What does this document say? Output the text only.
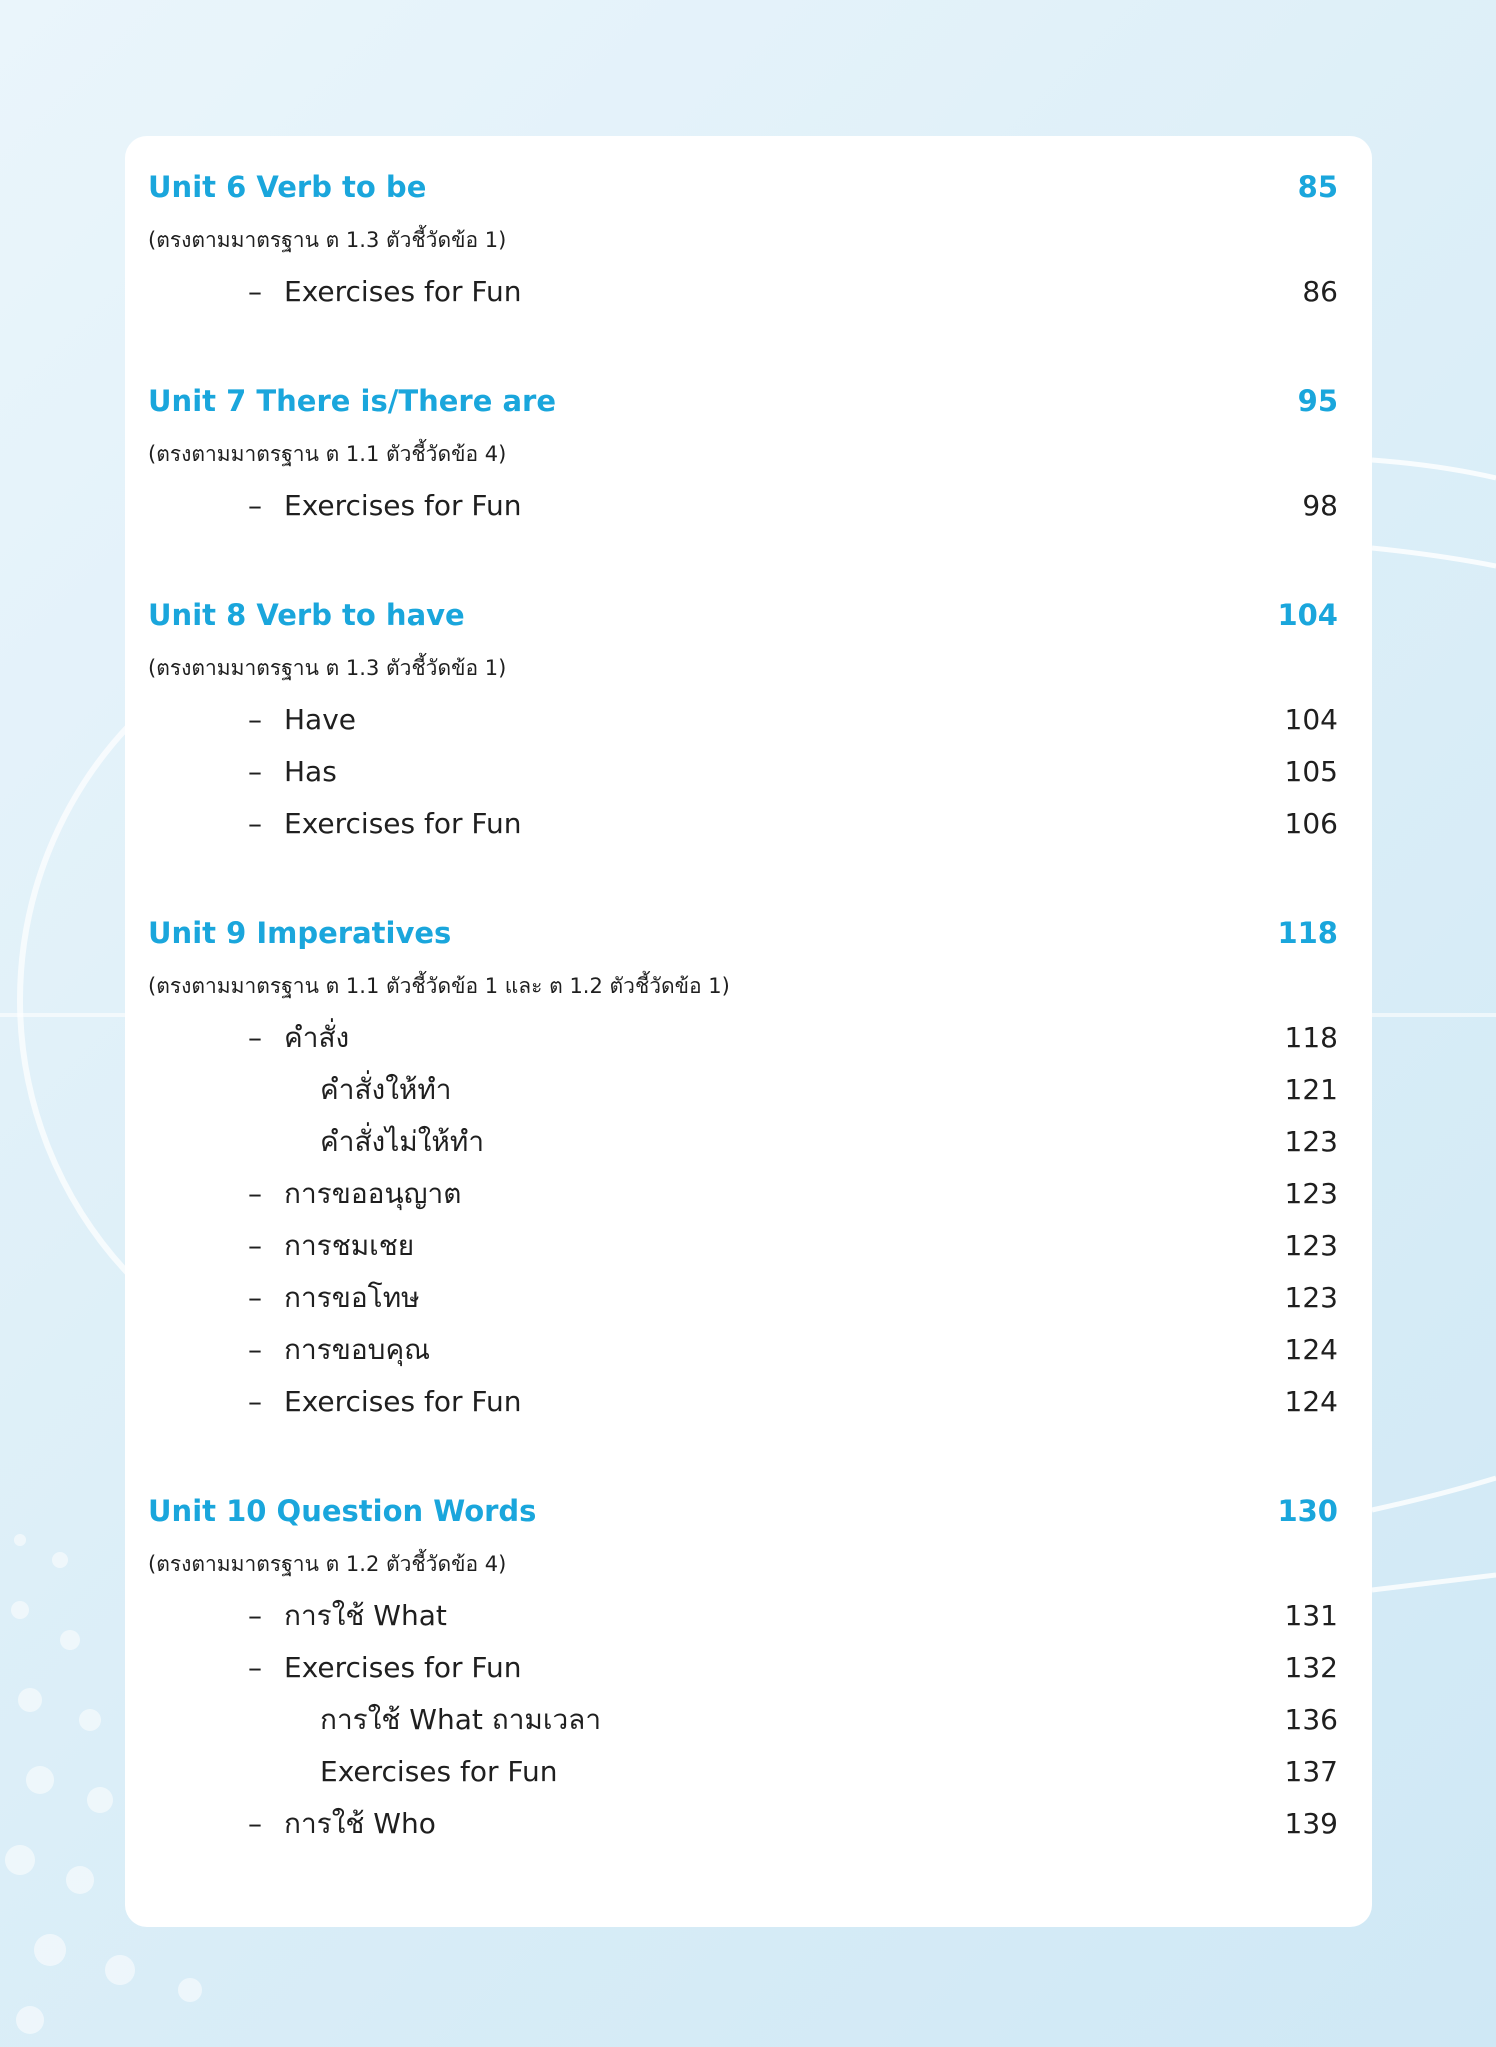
Unit 6 Verb to be	85
(ตรงตามมาตรฐาน ต 1.3 ตัวชี้วัดข้อ 1)
– Exercises for Fun	86
Unit 7 There is/There are	95
(ตรงตามมาตรฐาน ต 1.1 ตัวชี้วัดข้อ 4)
– Exercises for Fun	98
Unit 8 Verb to have	104
(ตรงตามมาตรฐาน ต 1.3 ตัวชี้วัดข้อ 1)
– Have	104
– Has	105
– Exercises for Fun	106
Unit 9 Imperatives	118
(ตรงตามมาตรฐาน ต 1.1 ตัวชี้วัดข้อ 1 และ ต 1.2 ตัวชี้วัดข้อ 1)
– คำสั่ง	118
คำสั่งให้ทำ	121
คำสั่งไม่ให้ทำ	123
– การขออนุญาต	123
– การชมเชย	123
– การขอโทษ	123
– การขอบคุณ	124
– Exercises for Fun	124
Unit 10 Question Words	130
(ตรงตามมาตรฐาน ต 1.2 ตัวชี้วัดข้อ 4)
– การใช้ What	131
– Exercises for Fun	132
การใช้ What ถามเวลา	136
Exercises for Fun	137
– การใช้ Who	139
